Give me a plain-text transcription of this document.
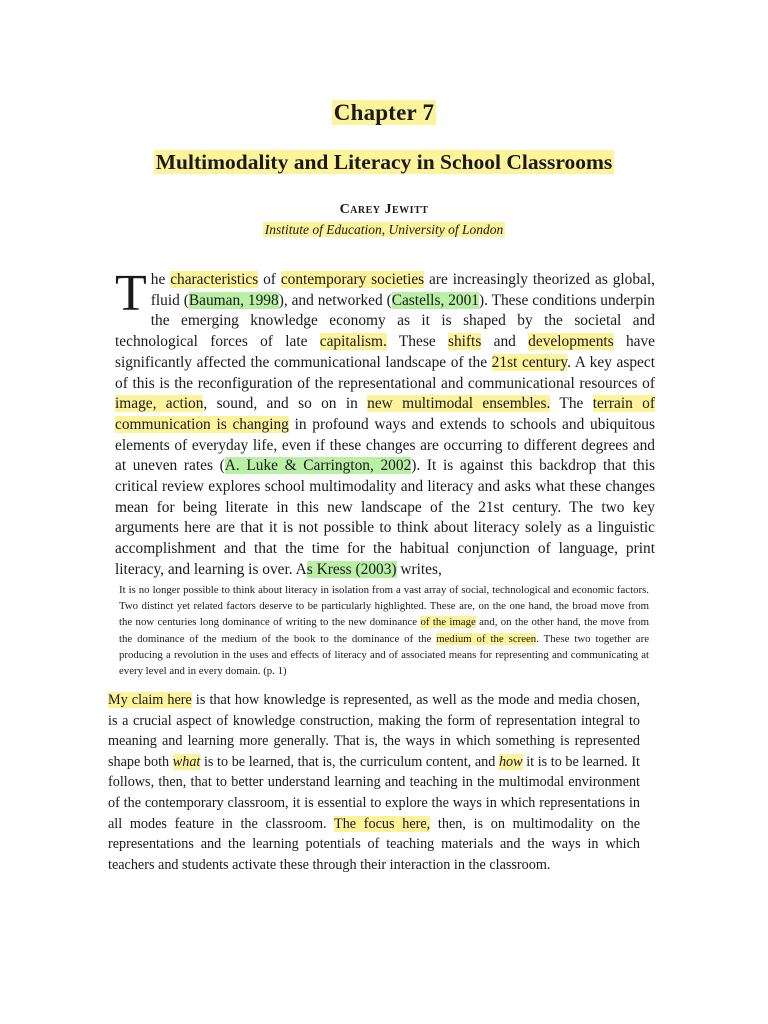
Chapter 7
Multimodality and Literacy in School Classrooms
Carey Jewitt
Institute of Education, University of London
The characteristics of contemporary societies are increasingly theorized as global, fluid (Bauman, 1998), and networked (Castells, 2001). These conditions underpin the emerging knowledge economy as it is shaped by the societal and technological forces of late capitalism. These shifts and developments have significantly affected the communicational landscape of the 21st century. A key aspect of this is the reconfiguration of the representational and communicational resources of image, action, sound, and so on in new multimodal ensembles. The terrain of communication is changing in profound ways and extends to schools and ubiquitous elements of everyday life, even if these changes are occurring to different degrees and at uneven rates (A. Luke & Carrington, 2002). It is against this backdrop that this critical review explores school multimodality and literacy and asks what these changes mean for being literate in this new landscape of the 21st century. The two key arguments here are that it is not possible to think about literacy solely as a linguistic accomplishment and that the time for the habitual conjunction of language, print literacy, and learning is over. As Kress (2003) writes,
It is no longer possible to think about literacy in isolation from a vast array of social, technological and economic factors. Two distinct yet related factors deserve to be particularly highlighted. These are, on the one hand, the broad move from the now centuries long dominance of writing to the new dominance of the image and, on the other hand, the move from the dominance of the medium of the book to the dominance of the medium of the screen. These two together are producing a revolution in the uses and effects of literacy and of associated means for representing and communicating at every level and in every domain. (p. 1)
My claim here is that how knowledge is represented, as well as the mode and media chosen, is a crucial aspect of knowledge construction, making the form of representation integral to meaning and learning more generally. That is, the ways in which something is represented shape both what is to be learned, that is, the curriculum content, and how it is to be learned. It follows, then, that to better understand learning and teaching in the multimodal environment of the contemporary classroom, it is essential to explore the ways in which representations in all modes feature in the classroom. The focus here, then, is on multimodality on the representations and the learning potentials of teaching materials and the ways in which teachers and students activate these through their interaction in the classroom.
